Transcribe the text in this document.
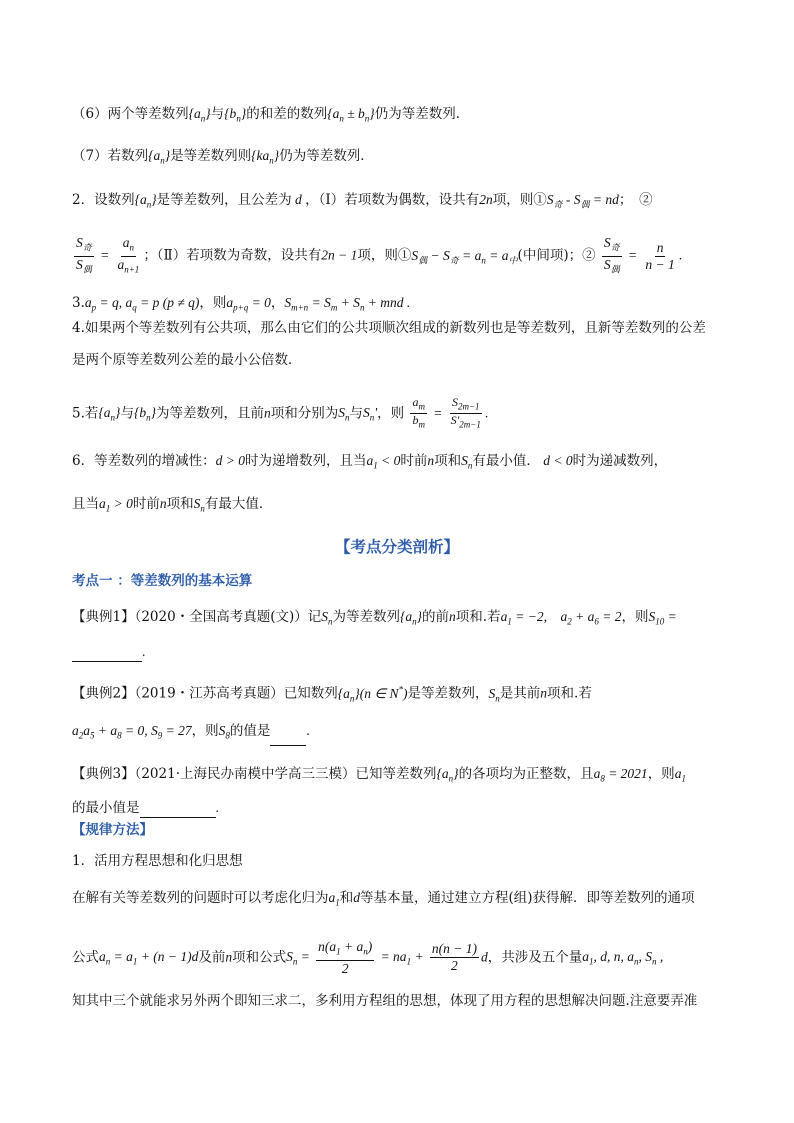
（6）两个等差数列$\{a_n\}$与$\{b_n\}$的和差的数列$\{a_n \pm b_n\}$仍为等差数列．
（7）若数列$\{a_n\}$是等差数列则$\{ka_n\}$仍为等差数列．
2．设数列$\{a_n\}$是等差数列，且公差为 d ，（Ⅰ）若项数为偶数，设共有2n项，则$①S_奇 - S_偶$ = nd；　②
$\frac{S_奇}{S_偶} = \frac{a_n}{a_{n+1}}$ ；（Ⅱ）若项数为奇数，设共有2n − 1项，则$①S_偶 - S_奇 = a_n = a_中$(中间项)；② $\frac{S_奇}{S_偶} = \frac{n}{n - 1}$ .
$3.a_p = q$, $a_q = p$ (p ≠ q)，则$a_{p+q} = 0$，$S_{m+n} = S_m + S_n$ + mnd .
4.如果两个等差数列有公共项，那么由它们的公共项顺次组成的新数列也是等差数列，且新等差数列的公差
是两个原等差数列公差的最小公倍数．
5.若$\{a_n\}$与$\{b_n\}$为等差数列，且前n项和分别为$S_n$与$S_n'$，则 $\frac{a_m}{b_m} = \frac{S_{2m-1}}{S'_{2m-1}}$ .
6．等差数列的增减性：d > 0时为递增数列，且当$a_1 < 0$时前n项和$S_n$有最小值． d < 0时为递减数列，
且当$a_1 > 0$时前n项和$S_n$有最大值．
【考点分类剖析】
考点一 ：等差数列的基本运算
【典例1】（2020・全国高考真题(文)）记$S_n$为等差数列$\{a_n\}$的前n项和.若$a_1 = -2$,　$a_2 + a_6 = 2$，则$S_{10}$ =
.
【典例2】（2019・江苏高考真题）已知数列$\{a_n\}(n$ ∈ N*)是等差数列，$S_n$是其前n项和.若
$a_2a_5 + a_8 = 0$, $S_9 = 27$，则$S_8$的值是	.
【典例3】（2021·上海民办南模中学高三三模）已知等差数列$\{a_n\}$的各项均为正整数，且$a_8 = 2021$，则$a_1$
的最小值是	.
【规律方法】
1．活用方程思想和化归思想
在解有关等差数列的问题时可以考虑化归为$a_1$和d等基本量，通过建立方程(组)获得解．即等差数列的通项
公式$a_n = a_1 + (n - 1)d$及前n项和公式$S_n = \frac{n(a_1 + a_n)}{2} = na_1 + \frac{n(n - 1)}{2}$ d，共涉及五个量$a_1$, d, n, $a_n$, $S_n$ ,
知其中三个就能求另外两个即知三求二，多利用方程组的思想，体现了用方程的思想解决问题.注意要弄准
